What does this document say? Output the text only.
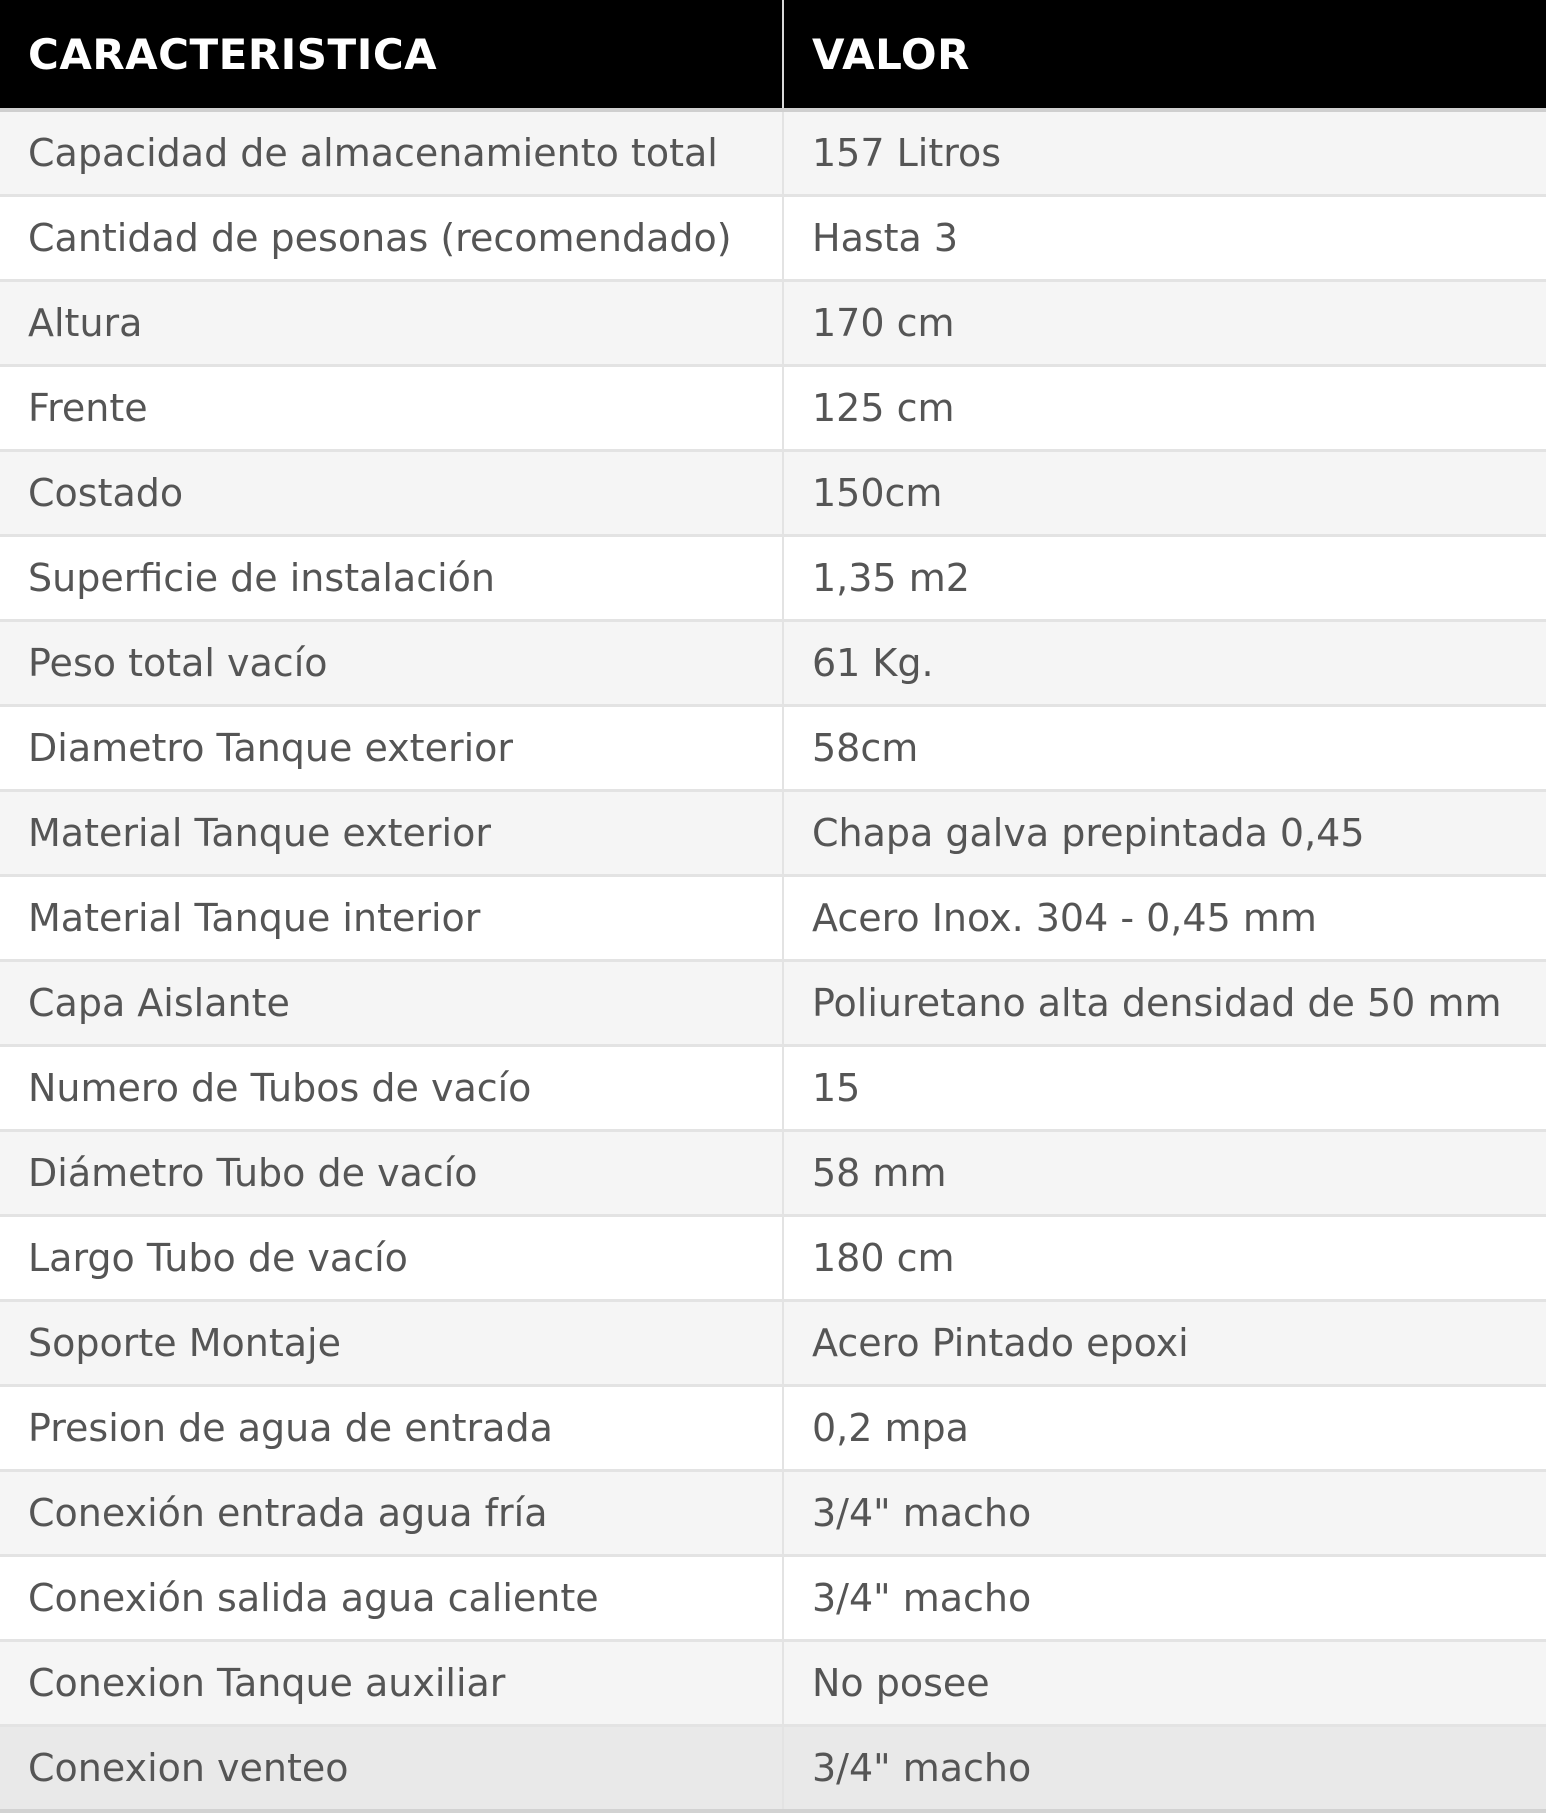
CARACTERISTICA	VALOR
Capacidad de almacenamiento total	157 Litros
Cantidad de pesonas (recomendado)	Hasta 3
Altura	170 cm
Frente	125 cm
Costado	150cm
Superficie de instalación	1,35 m2
Peso total vacío	61 Kg.
Diametro Tanque exterior	58cm
Material Tanque exterior	Chapa galva prepintada 0,45
Material Tanque interior	Acero Inox. 304 - 0,45 mm
Capa Aislante	Poliuretano alta densidad de 50 mm
Numero de Tubos de vacío	15
Diámetro Tubo de vacío	58 mm
Largo Tubo de vacío	180 cm
Soporte Montaje	Acero Pintado epoxi
Presion de agua de entrada	0,2 mpa
Conexión entrada agua fría	3/4" macho
Conexión salida agua caliente	3/4" macho
Conexion Tanque auxiliar	No posee
Conexion venteo	3/4" macho
